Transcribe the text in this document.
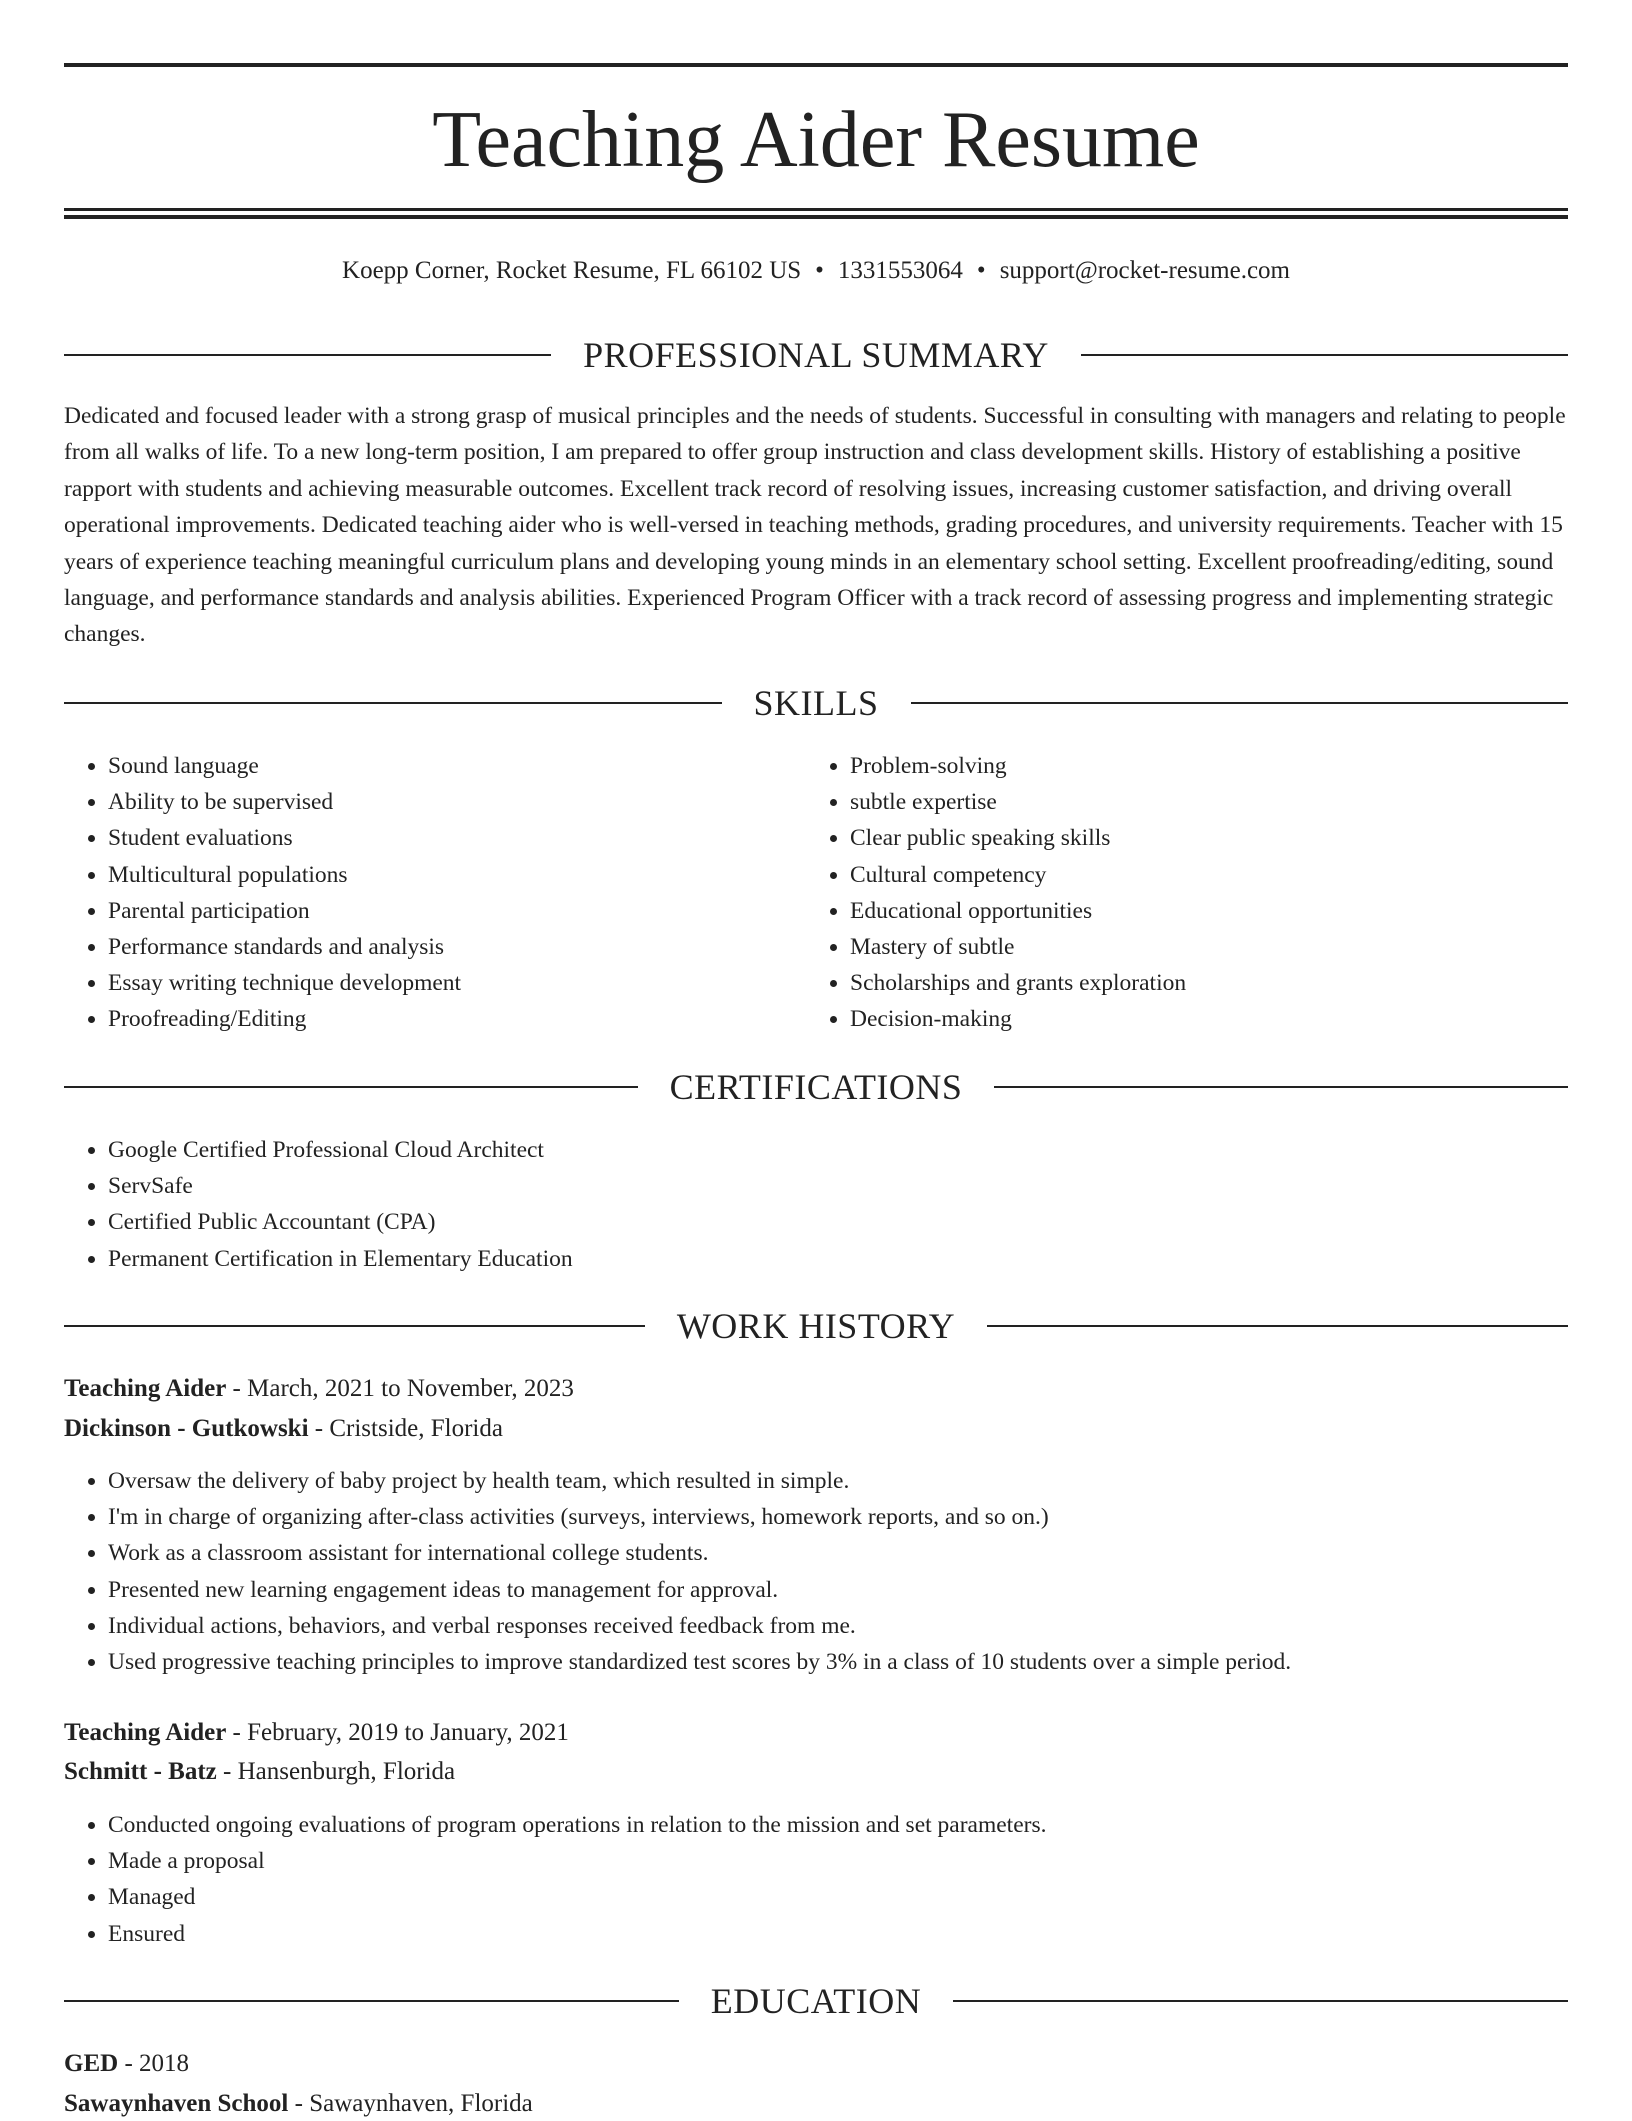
Teaching Aider Resume
Koepp Corner, Rocket Resume, FL 66102 US • 1331553064 • support@rocket-resume.com
PROFESSIONAL SUMMARY

Dedicated and focused leader with a strong grasp of musical principles and the needs of students. Successful in consulting with managers and relating to people from all walks of life. To a new long-term position, I am prepared to offer group instruction and class development skills. History of establishing a positive rapport with students and achieving measurable outcomes. Excellent track record of resolving issues, increasing customer satisfaction, and driving overall operational improvements. Dedicated teaching aider who is well-versed in teaching methods, grading procedures, and university requirements. Teacher with 15 years of experience teaching meaningful curriculum plans and developing young minds in an elementary school setting. Excellent proofreading/editing, sound language, and performance standards and analysis abilities. Experienced Program Officer with a track record of assessing progress and implementing strategic changes.

SKILLS
• Sound language
• Ability to be supervised
• Student evaluations
• Multicultural populations
• Parental participation
• Performance standards and analysis
• Essay writing technique development
• Proofreading/Editing
• Problem-solving
• subtle expertise
• Clear public speaking skills
• Cultural competency
• Educational opportunities
• Mastery of subtle
• Scholarships and grants exploration
• Decision-making
CERTIFICATIONS
• Google Certified Professional Cloud Architect
• ServSafe
• Certified Public Accountant (CPA)
• Permanent Certification in Elementary Education
WORK HISTORY
Teaching Aider - March, 2021 to November, 2023
Dickinson - Gutkowski - Cristside, Florida
• Oversaw the delivery of baby project by health team, which resulted in simple.
• I'm in charge of organizing after-class activities (surveys, interviews, homework reports, and so on.)
• Work as a classroom assistant for international college students.
• Presented new learning engagement ideas to management for approval.
• Individual actions, behaviors, and verbal responses received feedback from me.
• Used progressive teaching principles to improve standardized test scores by 3% in a class of 10 students over a simple period.
Teaching Aider - February, 2019 to January, 2021
Schmitt - Batz - Hansenburgh, Florida
• Conducted ongoing evaluations of program operations in relation to the mission and set parameters.
• Made a proposal
• Managed
• Ensured
EDUCATION
GED - 2018
Sawaynhaven School - Sawaynhaven, Florida
